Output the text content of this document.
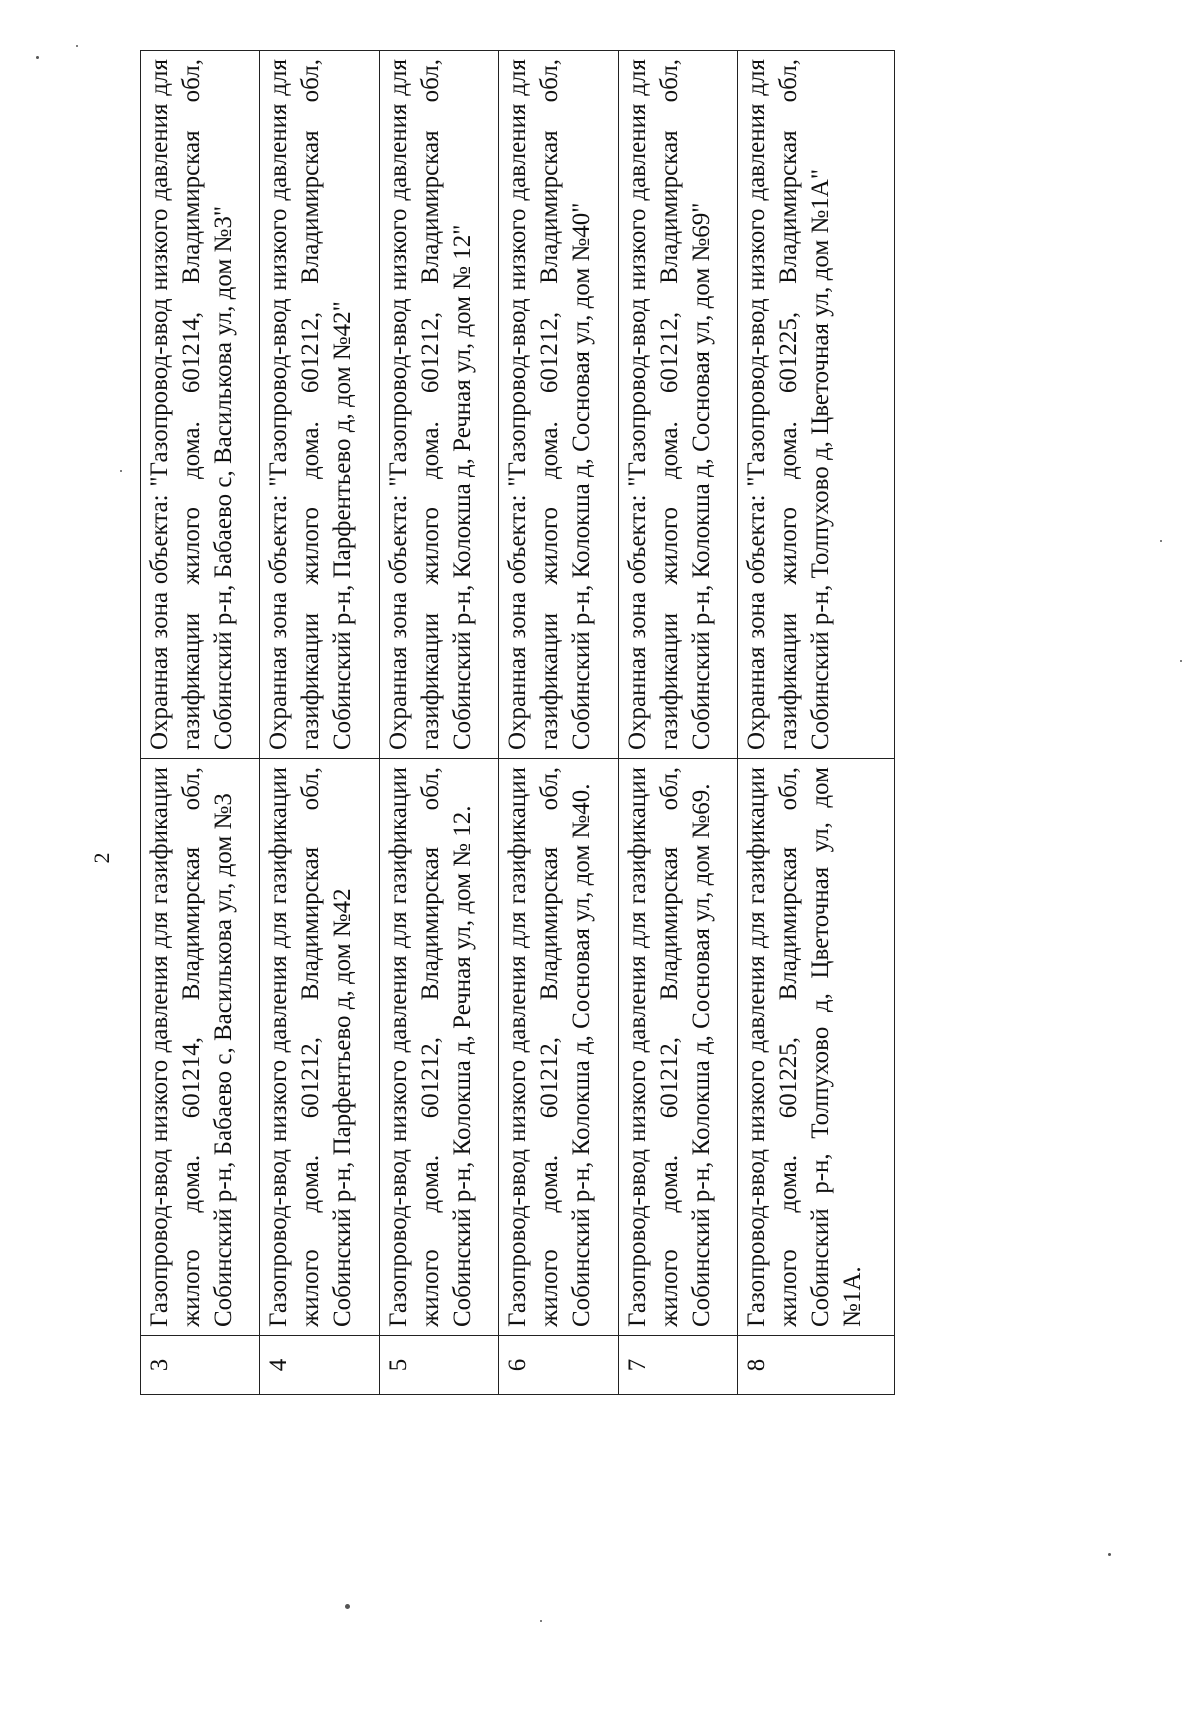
2
3	Газопровод-ввод низкого давления для газификации жилого дома. 601214, Владимирская обл, Собинский р-н, Бабаево с, Василькова ул, дом №3	Охранная зона объекта: "Газопровод-ввод низкого давления для газификации жилого дома. 601214, Владимирская обл, Собинский р-н, Бабаево с, Василькова ул, дом №3"
4	Газопровод-ввод низкого давления для газификации жилого дома. 601212, Владимирская обл, Собинский р-н, Парфентьево д, дом №42	Охранная зона объекта: "Газопровод-ввод низкого давления для газификации жилого дома. 601212, Владимирская обл, Собинский р-н, Парфентьево д, дом №42"
5	Газопровод-ввод низкого давления для газификации жилого дома. 601212, Владимирская обл, Собинский р-н, Колокша д, Речная ул, дом № 12.	Охранная зона объекта: "Газопровод-ввод низкого давления для газификации жилого дома. 601212, Владимирская обл, Собинский р-н, Колокша д, Речная ул, дом № 12"
6	Газопровод-ввод низкого давления для газификации жилого дома. 601212, Владимирская обл, Собинский р-н, Колокша д, Сосновая ул, дом №40.	Охранная зона объекта: "Газопровод-ввод низкого давления для газификации жилого дома. 601212, Владимирская обл, Собинский р-н, Колокша д, Сосновая ул, дом №40"
7	Газопровод-ввод низкого давления для газификации жилого дома. 601212, Владимирская обл, Собинский р-н, Колокша д, Сосновая ул, дом №69.	Охранная зона объекта: "Газопровод-ввод низкого давления для газификации жилого дома. 601212, Владимирская обл, Собинский р-н, Колокша д, Сосновая ул, дом №69"
8	Газопровод-ввод низкого давления для газификации жилого дома. 601225, Владимирская обл, Собинский р-н, Толпухово д, Цветочная ул, дом №1А.	Охранная зона объекта: "Газопровод-ввод низкого давления для газификации жилого дома. 601225, Владимирская обл, Собинский р-н, Толпухово д, Цветочная ул, дом №1А"
